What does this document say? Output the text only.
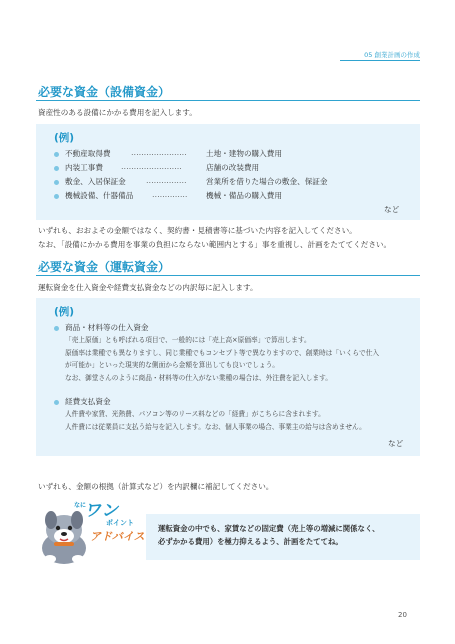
05 創業計画の作成
必要な資金（設備資金）
資産性のある設備にかかる費用を記入します。
(例)
不動産取得費	‥‥‥‥‥‥‥‥‥‥‥	土地・建物の購入費用
内装工事費 ‥‥‥‥‥‥‥‥‥‥‥‥	店舗の改装費用
敷金、入居保証金	‥‥‥‥‥‥‥‥	営業所を借りた場合の敷金、保証金
機械設備、什器備品 ‥‥‥‥‥‥‥ 機械・備品の購入費用
など
いずれも、おおよその金額ではなく、契約書・見積書等に基づいた内容を記入してください。
なお、「設備にかかる費用を事業の負担にならない範囲内とする」事を重視し、計画をたててください。
必要な資金（運転資金）
運転資金を仕入資金や経費支払資金などの内訳毎に記入します。
(例)
商品・材料等の仕入資金
「売上原価」とも呼ばれる項目で、一般的には「売上高×原価率」で算出します。
原価率は業種でも異なりますし、同じ業種でもコンセプト等で異なりますので、創業時は「いくらで仕入
が可能か」といった現実的な側面から金額を算出しても良いでしょう。
なお、御堂さんのように商品・材料等の仕入がない業種の場合は、外注費を記入します。
経費支払資金
人件費や家賃、光熱費、パソコン等のリース料などの「経費」がこちらに含まれます。
人件費には従業員に支払う給与を記入します。なお、個人事業の場合、事業主の給与は含めません。
など
いずれも、金額の根拠（計算式など）を内訳欄に補記してください。
なに
ワン
ポイント
アドバイス
運転資金の中でも、家賃などの固定費（売上等の増減に関係なく、
必ずかかる費用）を極力抑えるよう、計画をたててね。
20
